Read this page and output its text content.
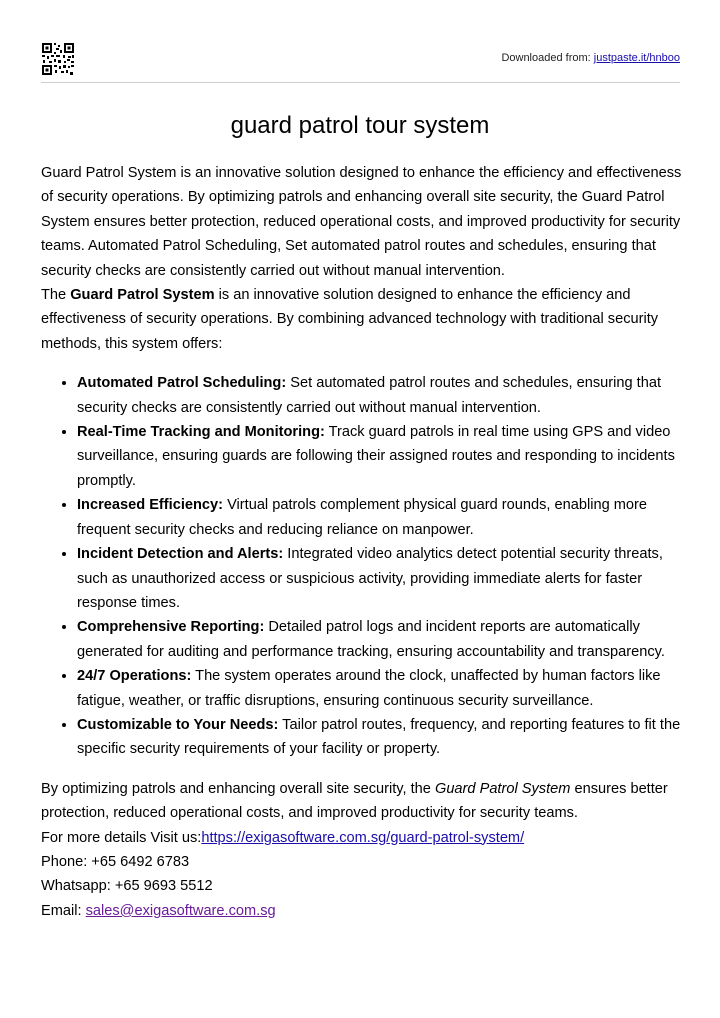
Downloaded from: justpaste.it/hnboo
guard patrol tour system

Guard Patrol System is an innovative solution designed to enhance the efficiency and effectiveness of security operations. By optimizing patrols and enhancing overall site security, the Guard Patrol System ensures better protection, reduced operational costs, and improved productivity for security teams. Automated Patrol Scheduling, Set automated patrol routes and schedules, ensuring that security checks are consistently carried out without manual intervention.

The Guard Patrol System is an innovative solution designed to enhance the efficiency and effectiveness of security operations. By combining advanced technology with traditional security methods, this system offers:

• Automated Patrol Scheduling: Set automated patrol routes and schedules, ensuring that security checks are consistently carried out without manual intervention.
• Real-Time Tracking and Monitoring: Track guard patrols in real time using GPS and video surveillance, ensuring guards are following their assigned routes and responding to incidents promptly.
• Increased Efficiency: Virtual patrols complement physical guard rounds, enabling more frequent security checks and reducing reliance on manpower.
• Incident Detection and Alerts: Integrated video analytics detect potential security threats, such as unauthorized access or suspicious activity, providing immediate alerts for faster response times.
• Comprehensive Reporting: Detailed patrol logs and incident reports are automatically generated for auditing and performance tracking, ensuring accountability and transparency.
• 24/7 Operations: The system operates around the clock, unaffected by human factors like fatigue, weather, or traffic disruptions, ensuring continuous security surveillance.
• Customizable to Your Needs: Tailor patrol routes, frequency, and reporting features to fit the specific security requirements of your facility or property.

By optimizing patrols and enhancing overall site security, the Guard Patrol System ensures better protection, reduced operational costs, and improved productivity for security teams.

For more details Visit us:https://exigasoftware.com.sg/guard-patrol-system/

Phone: +65 6492 6783

Whatsapp: +65 9693 5512

Email: sales@exigasoftware.com.sg
